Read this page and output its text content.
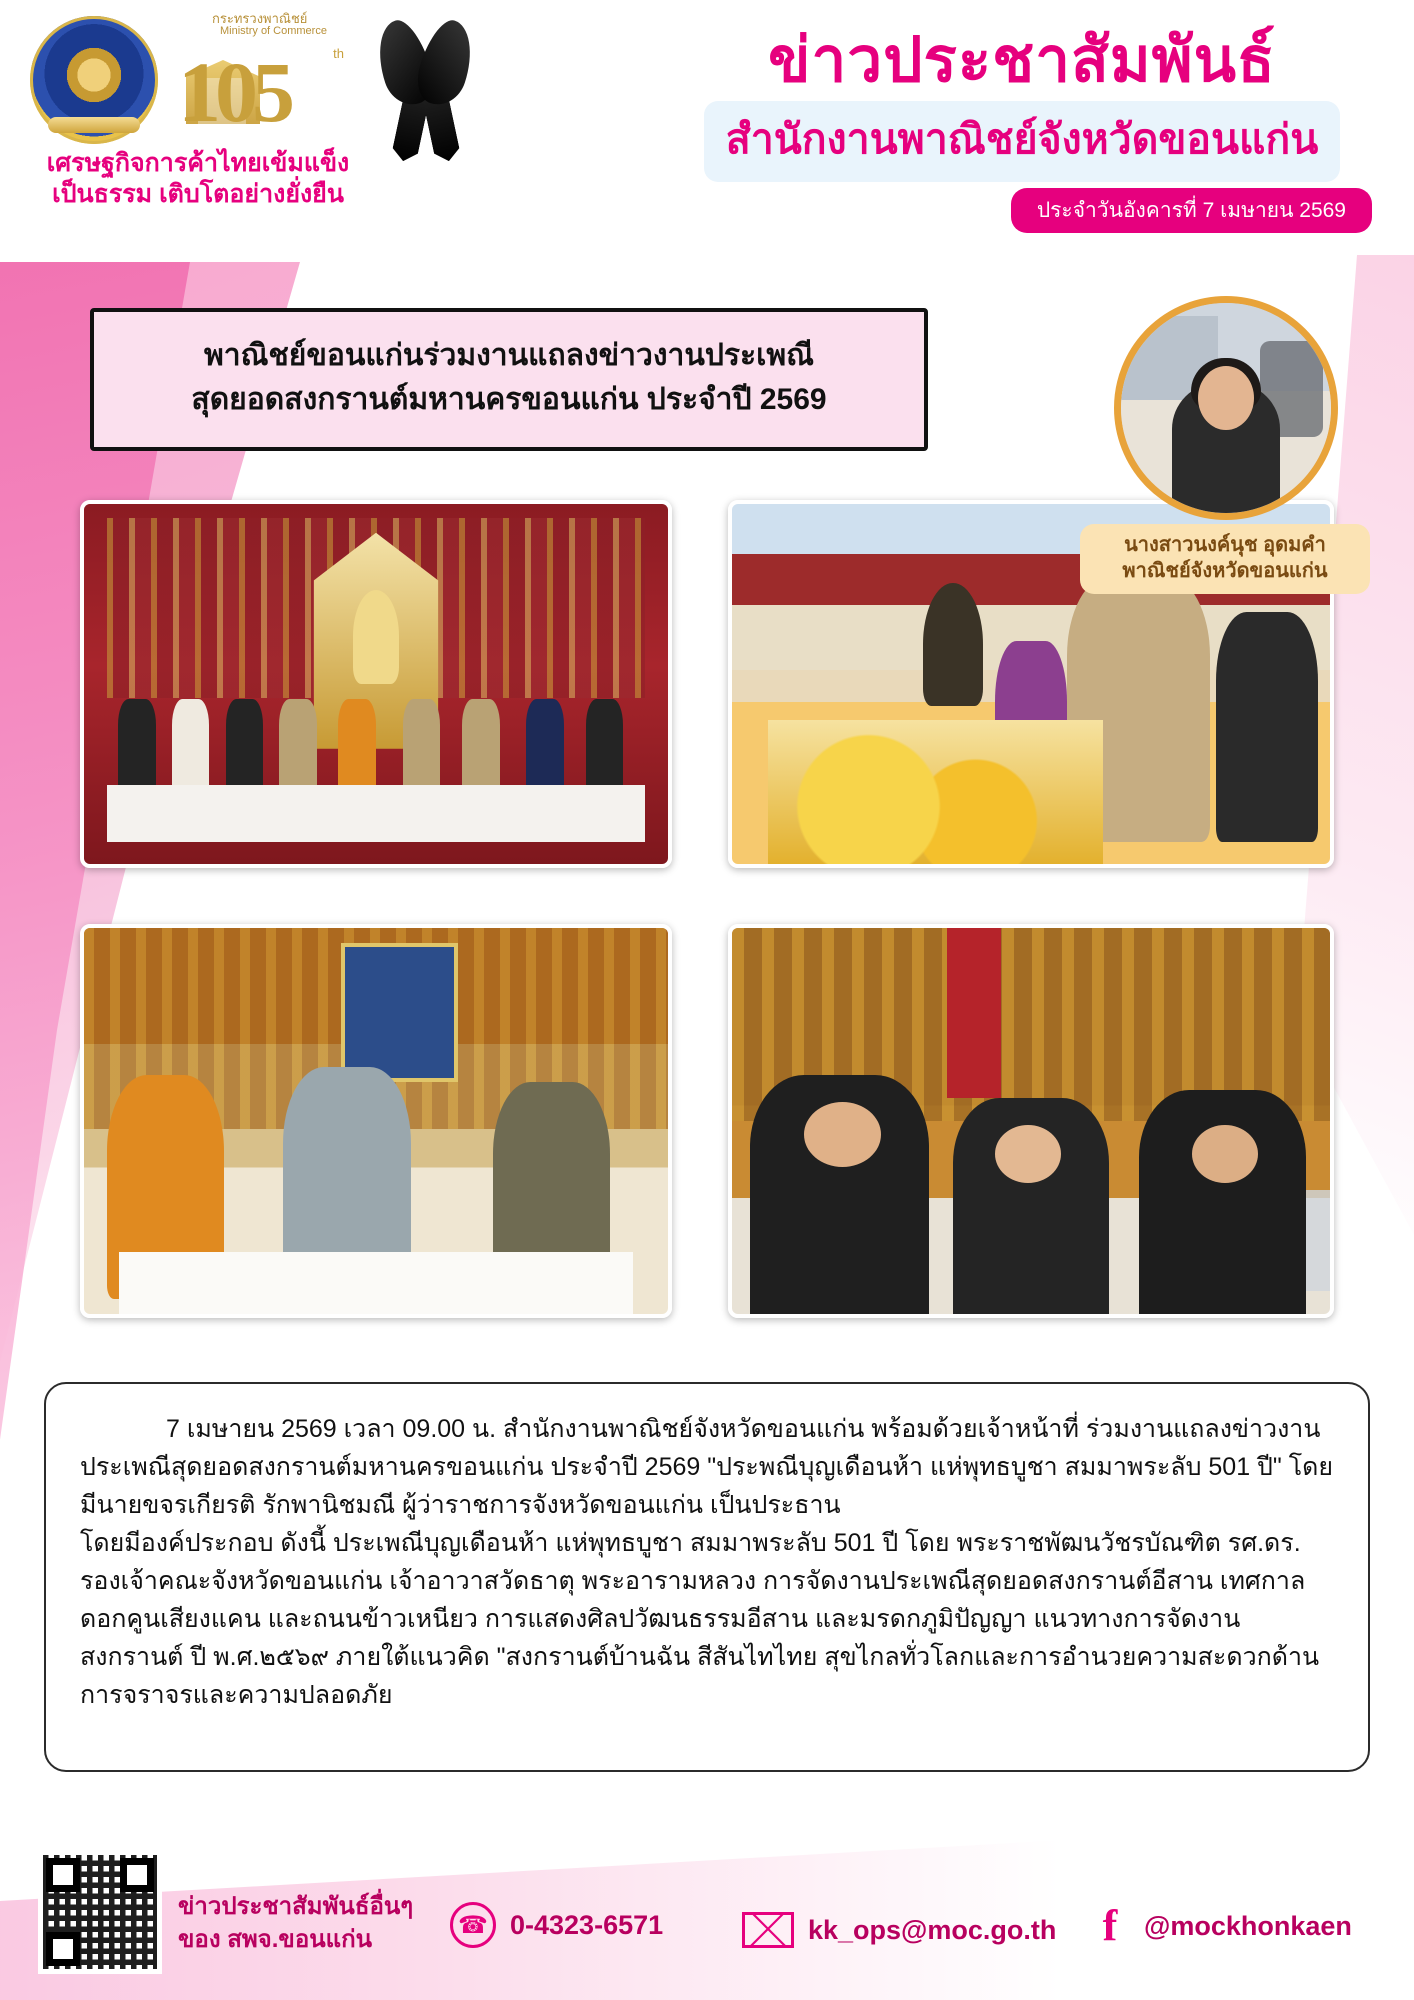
กระทรวงพาณิชย์
Ministry of Commerce
105	th
เศรษฐกิจการค้าไทยเข้มแข็ง
เป็นธรรม เติบโตอย่างยั่งยืน
ข่าวประชาสัมพันธ์
สำนักงานพาณิชย์จังหวัดขอนแก่น
ประจำวันอังคารที่ 7 เมษายน 2569
พาณิชย์ขอนแก่นร่วมงานแถลงข่าวงานประเพณี
สุดยอดสงกรานต์มหานครขอนแก่น ประจำปี 2569
นางสาวนงค์นุช อุดมคำ
พาณิชย์จังหวัดขอนแก่น

7 เมษายน 2569 เวลา 09.00 น. สำนักงานพาณิชย์จังหวัดขอนแก่น พร้อมด้วยเจ้าหน้าที่ ร่วมงานแถลงข่าวงานประเพณีสุดยอดสงกรานต์มหานครขอนแก่น ประจำปี 2569 "ประพณีบุญเดือนห้า แห่พุทธบูชา สมมาพระลับ 501 ปี" โดยมีนายขจรเกียรติ รักพานิชมณี ผู้ว่าราชการจังหวัดขอนแก่น เป็นประธาน

โดยมีองค์ประกอบ ดังนี้ ประเพณีบุญเดือนห้า แห่พุทธบูชา สมมาพระลับ 501 ปี โดย พระราชพัฒนวัชรบัณฑิต รศ.ดร. รองเจ้าคณะจังหวัดขอนแก่น เจ้าอาวาสวัดธาตุ พระอารามหลวง การจัดงานประเพณีสุดยอดสงกรานต์อีสาน เทศกาลดอกคูนเสียงแคน และถนนข้าวเหนียว การแสดงศิลปวัฒนธรรมอีสาน และมรดกภูมิปัญญา แนวทางการจัดงานสงกรานต์ ปี พ.ศ.๒๕๖๙ ภายใต้แนวคิด "สงกรานต์บ้านฉัน สีสันไทไทย สุขไกลทั่วโลกและการอำนวยความสะดวกด้านการจราจรและความปลอดภัย

ข่าวประชาสัมพันธ์อื่นๆ
ของ สพจ.ขอนแก่น
☎ 0-4323-6571	kk_ops@moc.go.th f @mockhonkaen
